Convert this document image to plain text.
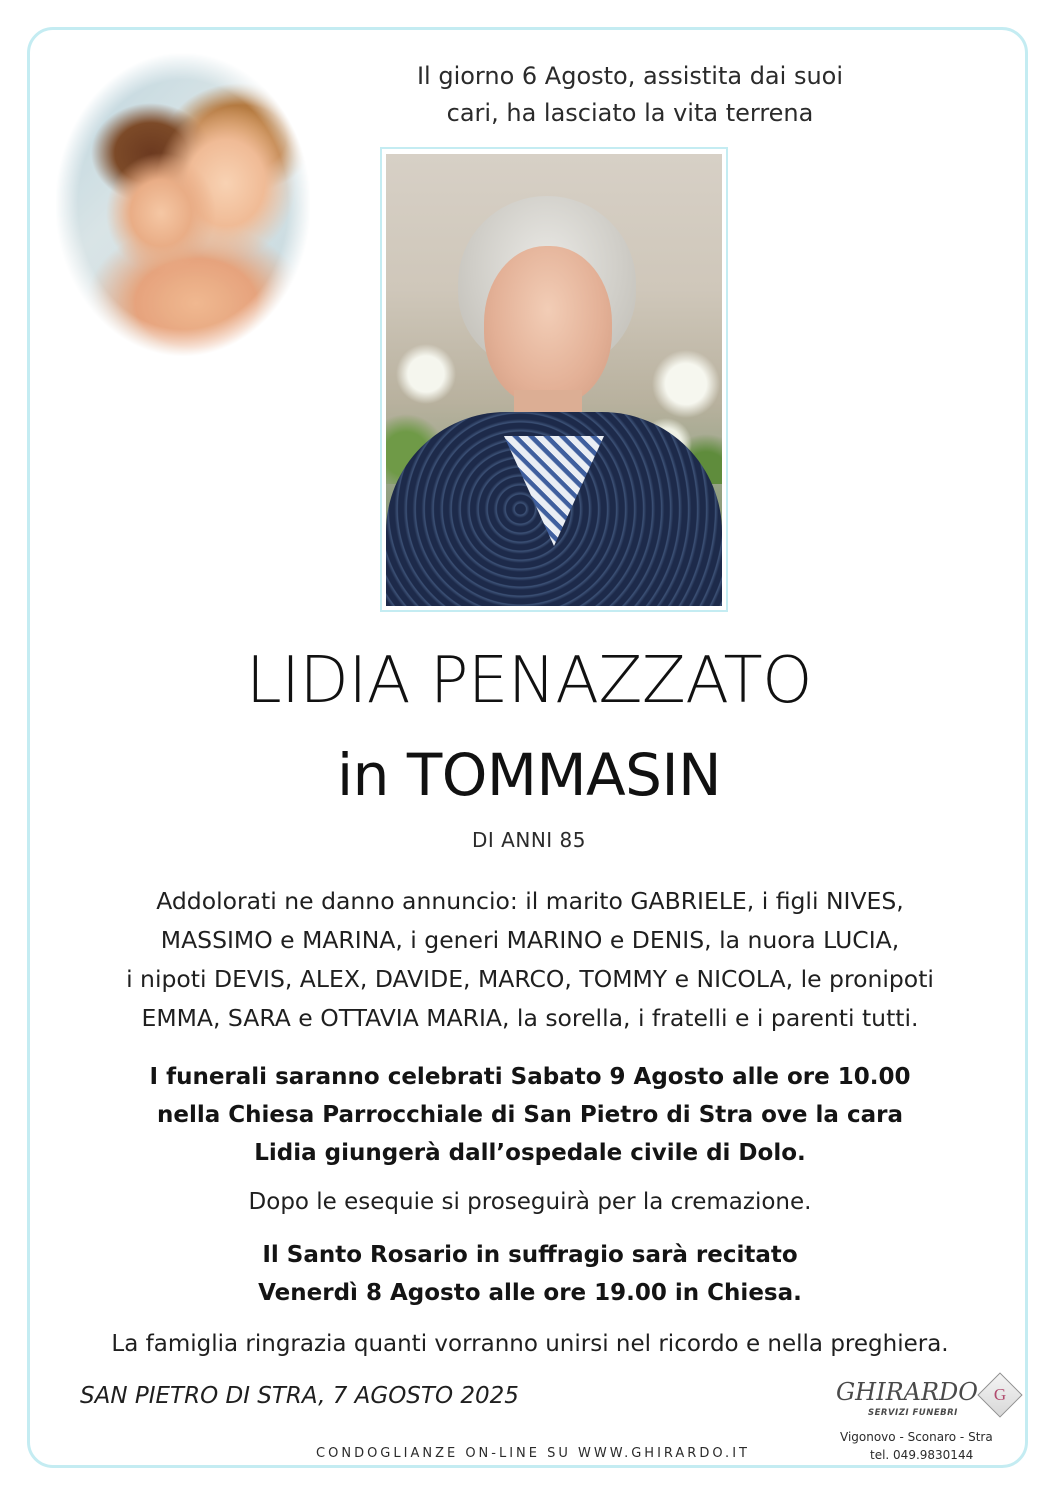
Il giorno 6 Agosto, assistita dai suoi
cari, ha lasciato la vita terrena
LIDIA PENAZZATO
in TOMMASIN
DI ANNI 85
Addolorati ne danno annuncio: il marito GABRIELE, i figli NIVES,
MASSIMO e MARINA, i generi MARINO e DENIS, la nuora LUCIA,
i nipoti DEVIS, ALEX, DAVIDE, MARCO, TOMMY e NICOLA, le pronipoti
EMMA, SARA e OTTAVIA MARIA, la sorella, i fratelli e i parenti tutti.
I funerali saranno celebrati Sabato 9 Agosto alle ore 10.00
nella Chiesa Parrocchiale di San Pietro di Stra ove la cara
Lidia giungerà dall’ospedale civile di Dolo.
Dopo le esequie si proseguirà per la cremazione.
Il Santo Rosario in suffragio sarà recitato
Venerdì 8 Agosto alle ore 19.00 in Chiesa.
La famiglia ringrazia quanti vorranno unirsi nel ricordo e nella preghiera.
SAN PIETRO DI STRA, 7 AGOSTO 2025
CONDOGLIANZE ON-LINE SU WWW.GHIRARDO.IT
GHIRARDO
SERVIZI FUNEBRI
G
Vigonovo - Sconaro - Stra
tel. 049.9830144
